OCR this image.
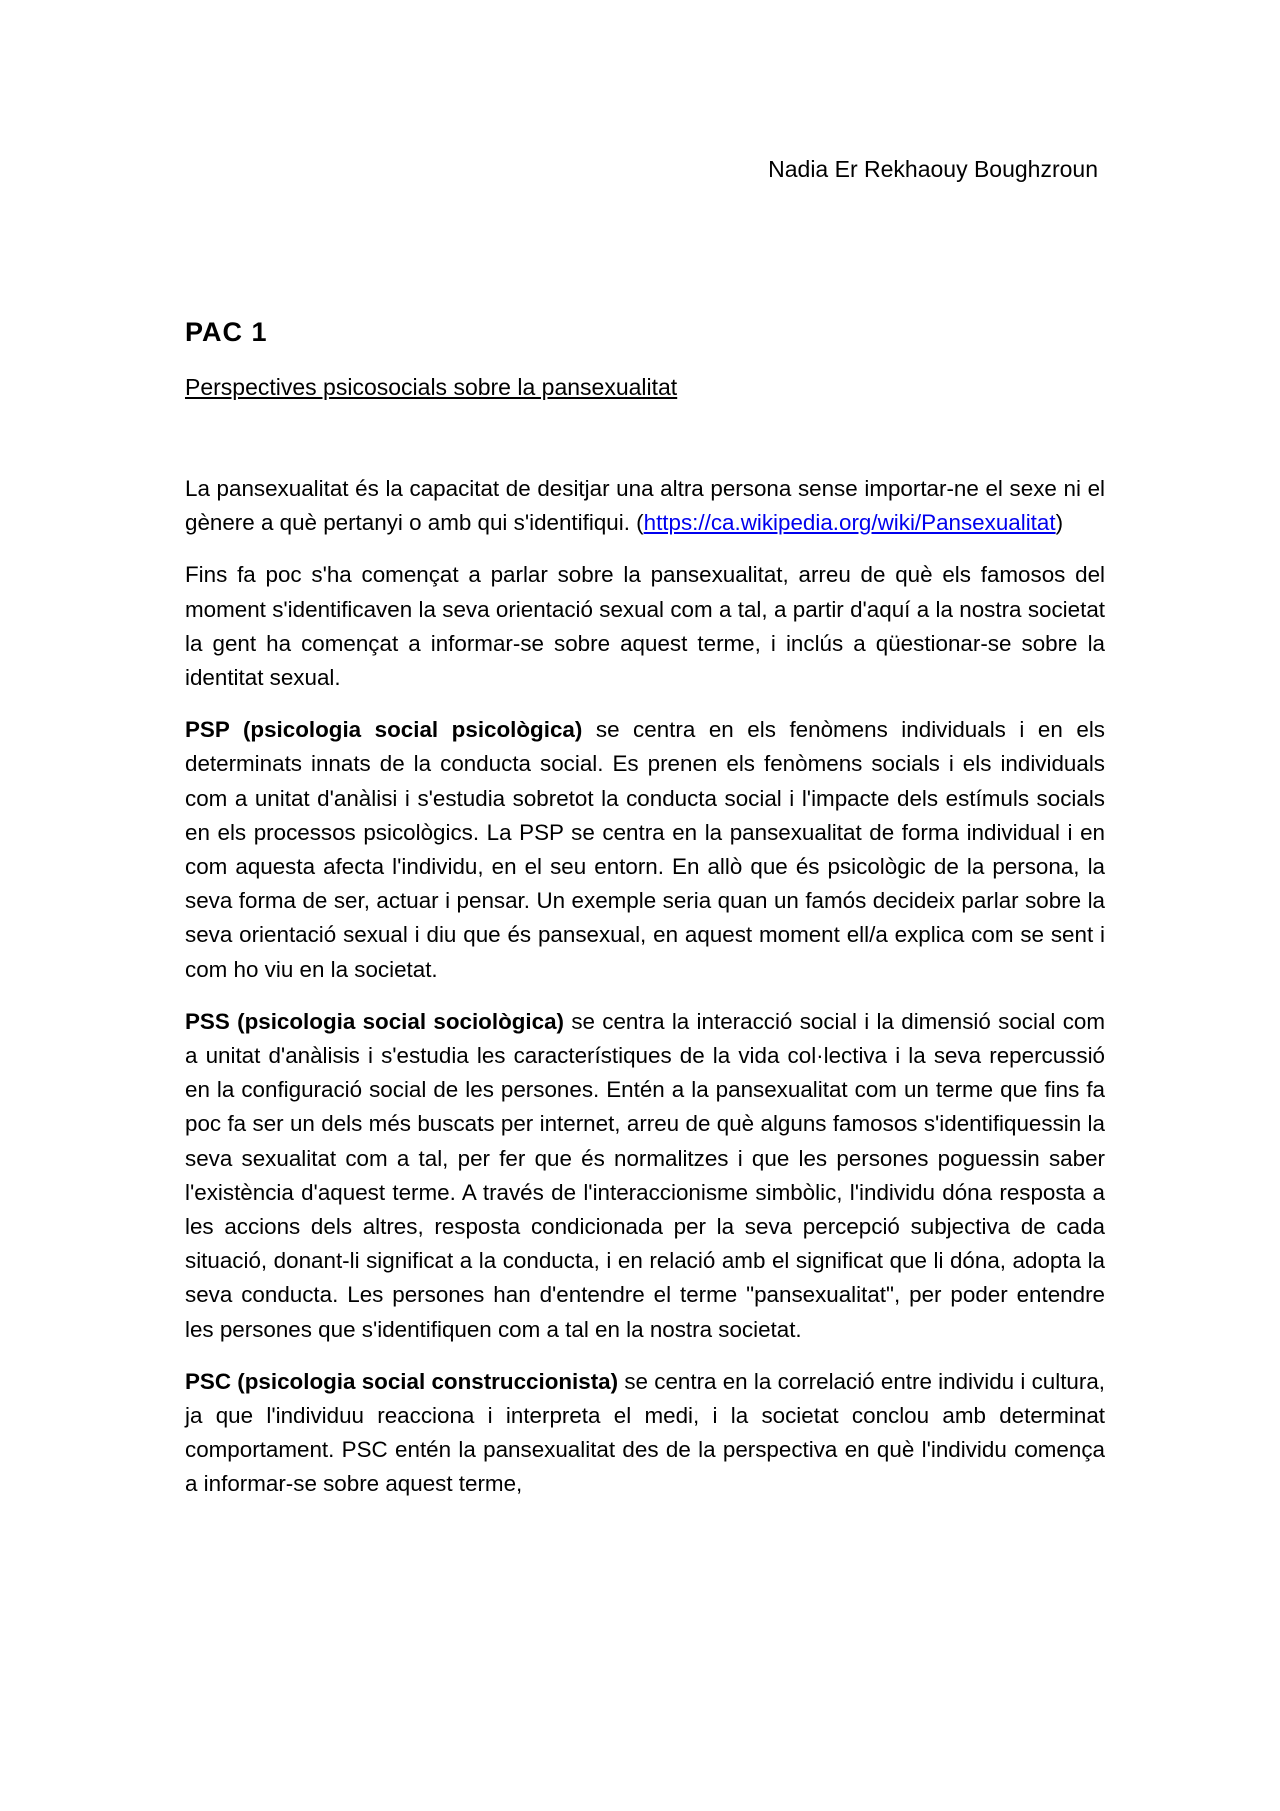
Nadia Er Rekhaouy Boughzroun
PAC 1
Perspectives psicosocials sobre la pansexualitat

La pansexualitat és la capacitat de desitjar una altra persona sense importar-ne el sexe ni el gènere a què pertanyi o amb qui s'identifiqui. (https://ca.wikipedia.org/wiki/Pansexualitat)

Fins fa poc s'ha començat a parlar sobre la pansexualitat, arreu de què els famosos del moment s'identificaven la seva orientació sexual com a tal, a partir d'aquí a la nostra societat la gent ha començat a informar-se sobre aquest terme, i inclús a qüestionar-se sobre la identitat sexual.

PSP (psicologia social psicològica) se centra en els fenòmens individuals i en els determinats innats de la conducta social. Es prenen els fenòmens socials i els individuals com a unitat d'anàlisi i s'estudia sobretot la conducta social i l'impacte dels estímuls socials en els processos psicològics. La PSP se centra en la pansexualitat de forma individual i en com aquesta afecta l'individu, en el seu entorn. En allò que és psicològic de la persona, la seva forma de ser, actuar i pensar. Un exemple seria quan un famós decideix parlar sobre la seva orientació sexual i diu que és pansexual, en aquest moment ell/a explica com se sent i com ho viu en la societat.

PSS (psicologia social sociològica) se centra la interacció social i la dimensió social com a unitat d'anàlisis i s'estudia les característiques de la vida col·lectiva i la seva repercussió en la configuració social de les persones. Entén a la pansexualitat com un terme que fins fa poc fa ser un dels més buscats per internet, arreu de què alguns famosos s'identifiquessin la seva sexualitat com a tal, per fer que és normalitzes i que les persones poguessin saber l'existència d'aquest terme. A través de l'interaccionisme simbòlic, l'individu dóna resposta a les accions dels altres, resposta condicionada per la seva percepció subjectiva de cada situació, donant-li significat a la conducta, i en relació amb el significat que li dóna, adopta la seva conducta. Les persones han d'entendre el terme "pansexualitat", per poder entendre les persones que s'identifiquen com a tal en la nostra societat.

PSC (psicologia social construccionista) se centra en la correlació entre individu i cultura, ja que l'individuu reacciona i interpreta el medi, i la societat conclou amb determinat comportament. PSC entén la pansexualitat des de la perspectiva en què l'individu comença a informar-se sobre aquest terme,
